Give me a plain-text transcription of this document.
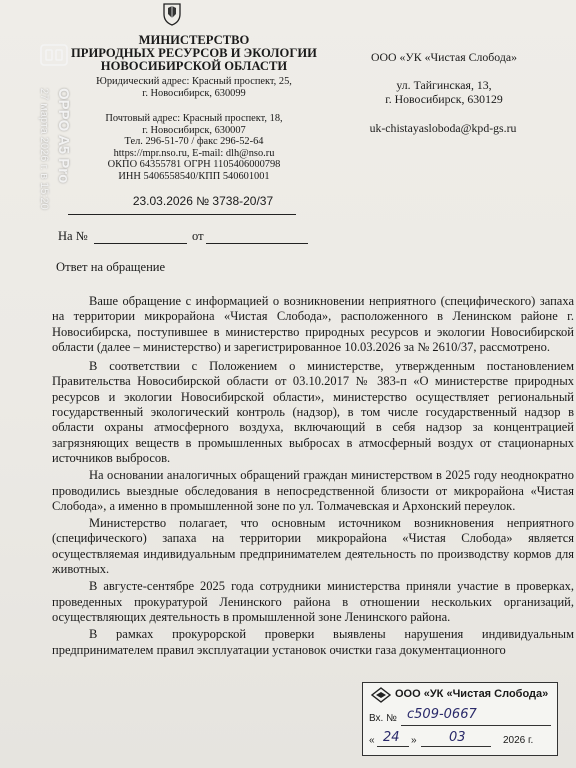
МИНИСТЕРСТВО
ПРИРОДНЫХ РЕСУРСОВ И ЭКОЛОГИИ
НОВОСИБИРСКОЙ ОБЛАСТИ
Юридический адрес: Красный проспект, 25,
г. Новосибирск, 630099
Почтовый адрес: Красный проспект, 18,
г. Новосибирск, 630007
Тел. 296-51-70 / факс 296-52-64
https://mpr.nso.ru, E-mail: dlh@nso.ru
ОКПО 64355781 ОГРН 1105406000798
ИНН 5406558540/КПП 540601001
23.03.2026 № 3738-20/37
На №	от
ООО «УК «Чистая Слобода»
ул. Тайгинская, 13,
г. Новосибирск, 630129
uk-chistayasloboda@kpd-gs.ru
Ответ на обращение

Ваше обращение с информацией о возникновении неприятного (специфического) запаха на территории микрорайона «Чистая Слобода», расположенного в Ленинском районе г. Новосибирска, поступившее в министерство природных ресурсов и экологии Новосибирской области (далее – министерство) и зарегистрированное 10.03.2026 за № 2610/37, рассмотрено.

В соответствии с Положением о министерстве, утвержденным постановлением Правительства Новосибирской области от 03.10.2017 № 383-п «О министерстве природных ресурсов и экологии Новосибирской области», министерство осуществляет региональный государственный экологический контроль (надзор), в том числе государственный надзор в области охраны атмосферного воздуха, включающий в себя надзор за концентрацией загрязняющих веществ в промышленных выбросах в атмосферный воздух от стационарных источников выбросов.

На основании аналогичных обращений граждан министерством в 2025 году неоднократно проводились выездные обследования в непосредственной близости от микрорайона «Чистая Слобода», а именно в промышленной зоне по ул. Толмачевская и Архонский переулок.

Министерство полагает, что основным источником возникновения неприятного (специфического) запаха на территории микрорайона «Чистая Слобода» является осуществляемая индивидуальным предпринимателем деятельность по производству кормов для животных.

В августе-сентябре 2025 года сотрудники министерства приняли участие в проверках, проведенных прокуратурой Ленинского района в отношении нескольких организаций, осуществляющих деятельность в промышленной зоне Ленинского района.

В рамках прокурорской проверки выявлены нарушения индивидуальным предпринимателем правил эксплуатации установок очистки газа документационного

ООО «УК «Чистая Слобода»
Вх. № с509-0667
« 24 » 03	2026 г.
OPPO A5 Pro
27 марта 2026 г. в 15:20
